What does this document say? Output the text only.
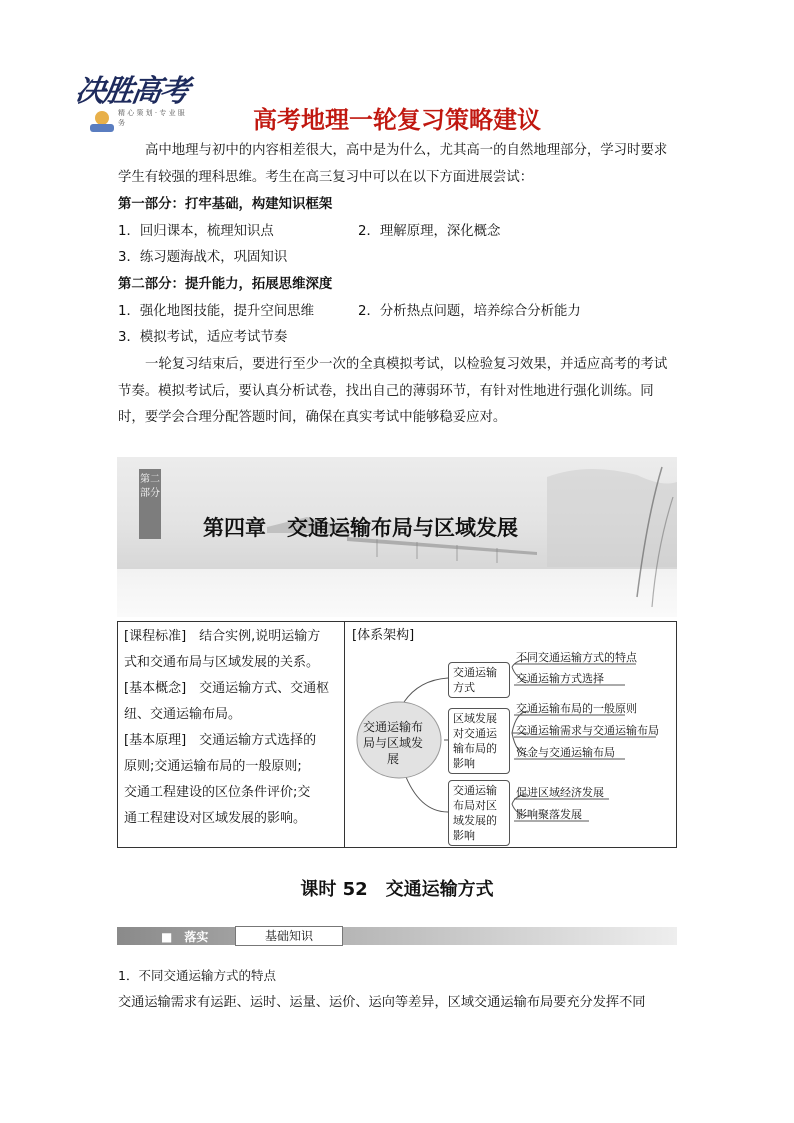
决胜高考
精 心 策 划 · 专 业 服 务	高考地理一轮复习策略建议
高中地理与初中的内容相差很大，高中是为什么，尤其高一的自然地理部分，学习时要求学生有较强的理科思维。考生在高三复习中可以在以下方面进展尝试：
第一部分：打牢基础，构建知识框架
1．回归课本，梳理知识点	2．理解原理，深化概念
3．练习题海战术，巩固知识
第二部分：提升能力，拓展思维深度
1．强化地图技能，提升空间思维	2．分析热点问题，培养综合分析能力
3．模拟考试，适应考试节奏
一轮复习结束后，要进行至少一次的全真模拟考试，以检验复习效果，并适应高考的考试节奏。模拟考试后，要认真分析试卷，找出自己的薄弱环节，有针对性地进行强化训练。同时，要学会合理分配答题时间，确保在真实考试中能够稳妥应对。
第二部分
第四章　交通运输布局与区域发展
[课程标准]　结合实例,说明运输方
式和交通布局与区域发展的关系。
[基本概念]　交通运输方式、交通枢
纽、交通运输布局。
[基本原理]　交通运输方式选择的
原则;交通运输布局的一般原则;
交通工程建设的区位条件评价;交
通工程建设对区域发展的影响。
[体系架构]
交通运输布局与区域发展
交通运输方式
区域发展对交通运输布局的影响
交通运输布局对区域发展的影响
不同交通运输方式的特点
交通运输方式选择
交通运输布局的一般原则
交通运输需求与交通运输布局
资金与交通运输布局
促进区域经济发展
影响聚落发展
课时 52　交通运输方式
■　落实	基础知识
1．不同交通运输方式的特点
交通运输需求有运距、运时、运量、运价、运向等差异，区域交通运输布局要充分发挥不同
